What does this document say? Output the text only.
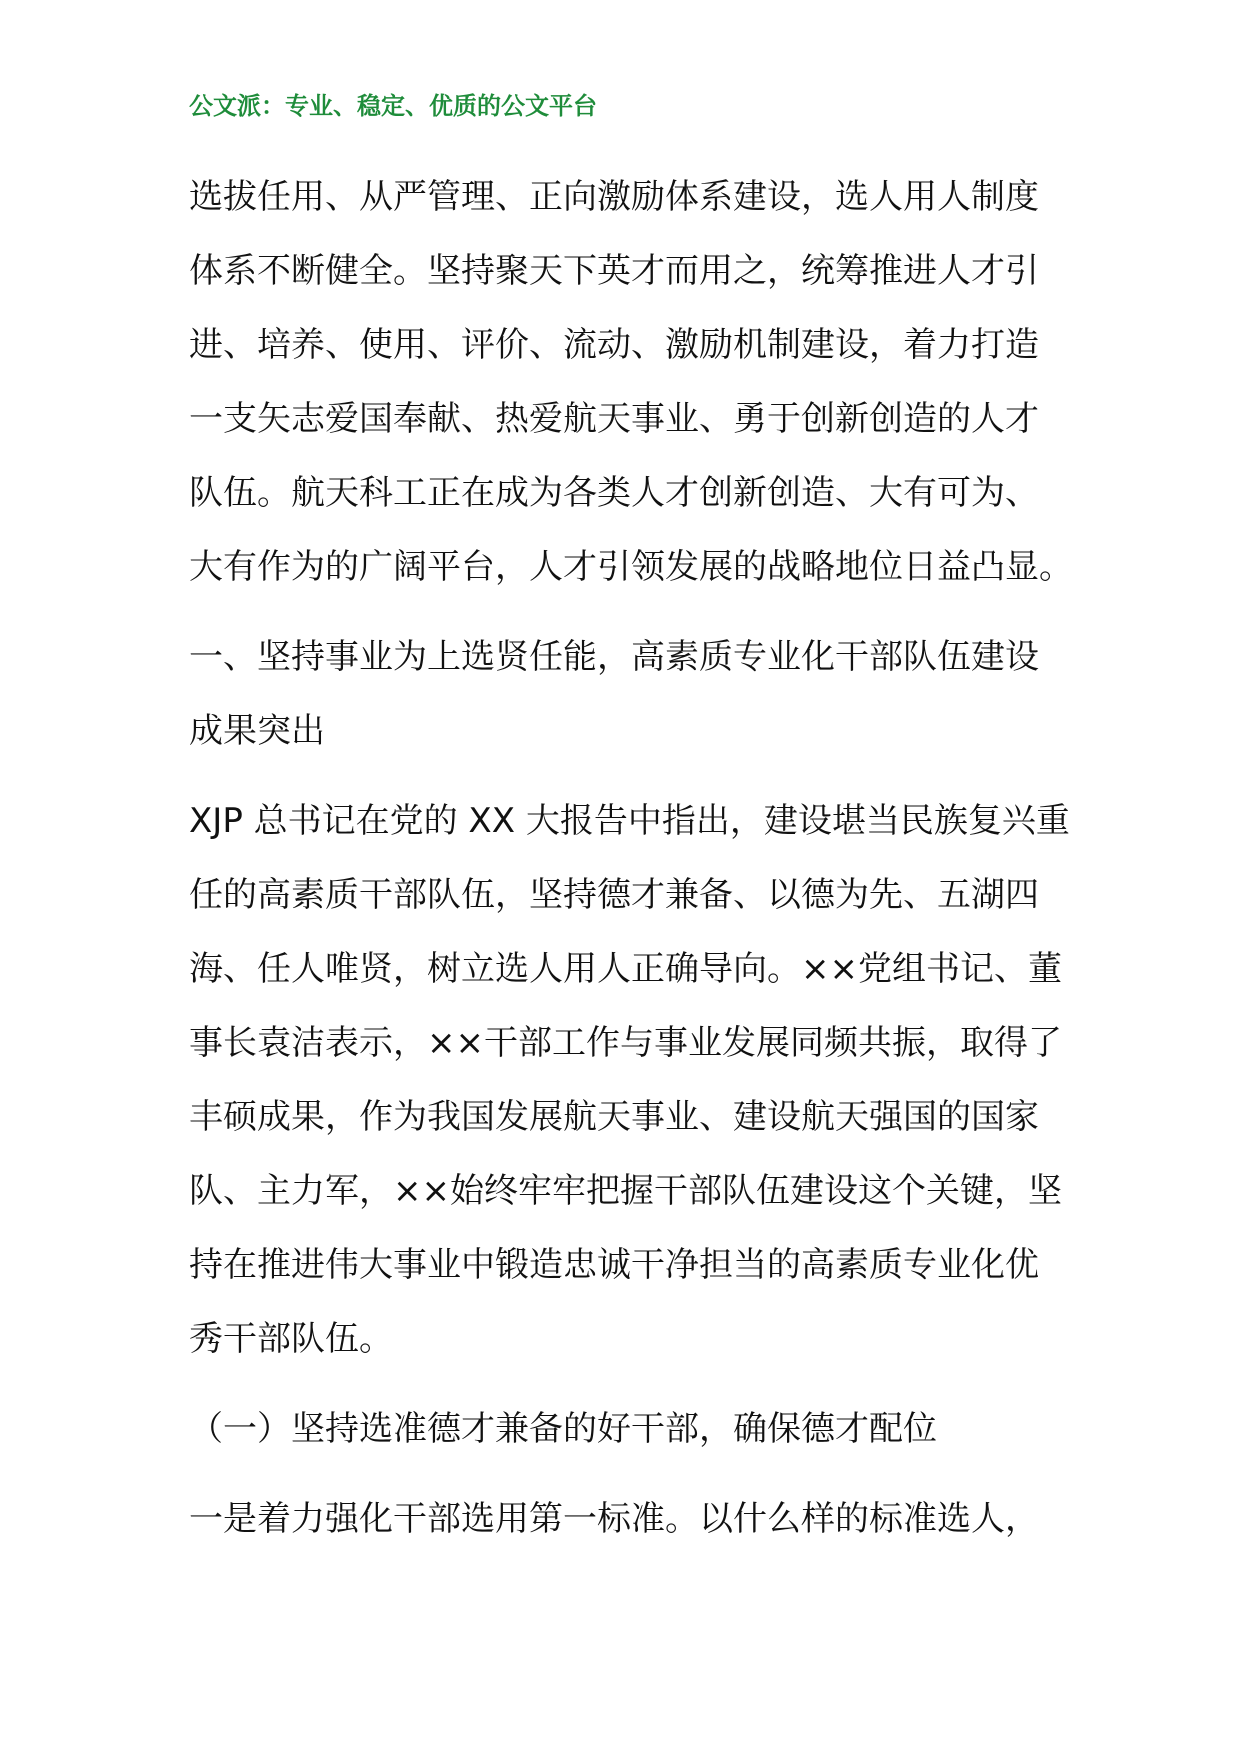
公文派：专业、稳定、优质的公文平台
选拔任用、从严管理、正向激励体系建设，选人用人制度
体系不断健全。坚持聚天下英才而用之，统筹推进人才引
进、培养、使用、评价、流动、激励机制建设，着力打造
一支矢志爱国奉献、热爱航天事业、勇于创新创造的人才
队伍。航天科工正在成为各类人才创新创造、大有可为、
大有作为的广阔平台，人才引领发展的战略地位日益凸显。
一、坚持事业为上选贤任能，高素质专业化干部队伍建设
成果突出
XJP 总书记在党的 XX 大报告中指出，建设堪当民族复兴重
任的高素质干部队伍，坚持德才兼备、以德为先、五湖四
海、任人唯贤，树立选人用人正确导向。××党组书记、董
事长袁洁表示，××干部工作与事业发展同频共振，取得了
丰硕成果，作为我国发展航天事业、建设航天强国的国家
队、主力军，××始终牢牢把握干部队伍建设这个关键，坚
持在推进伟大事业中锻造忠诚干净担当的高素质专业化优
秀干部队伍。
（一）坚持选准德才兼备的好干部，确保德才配位
一是着力强化干部选用第一标准。以什么样的标准选人，
